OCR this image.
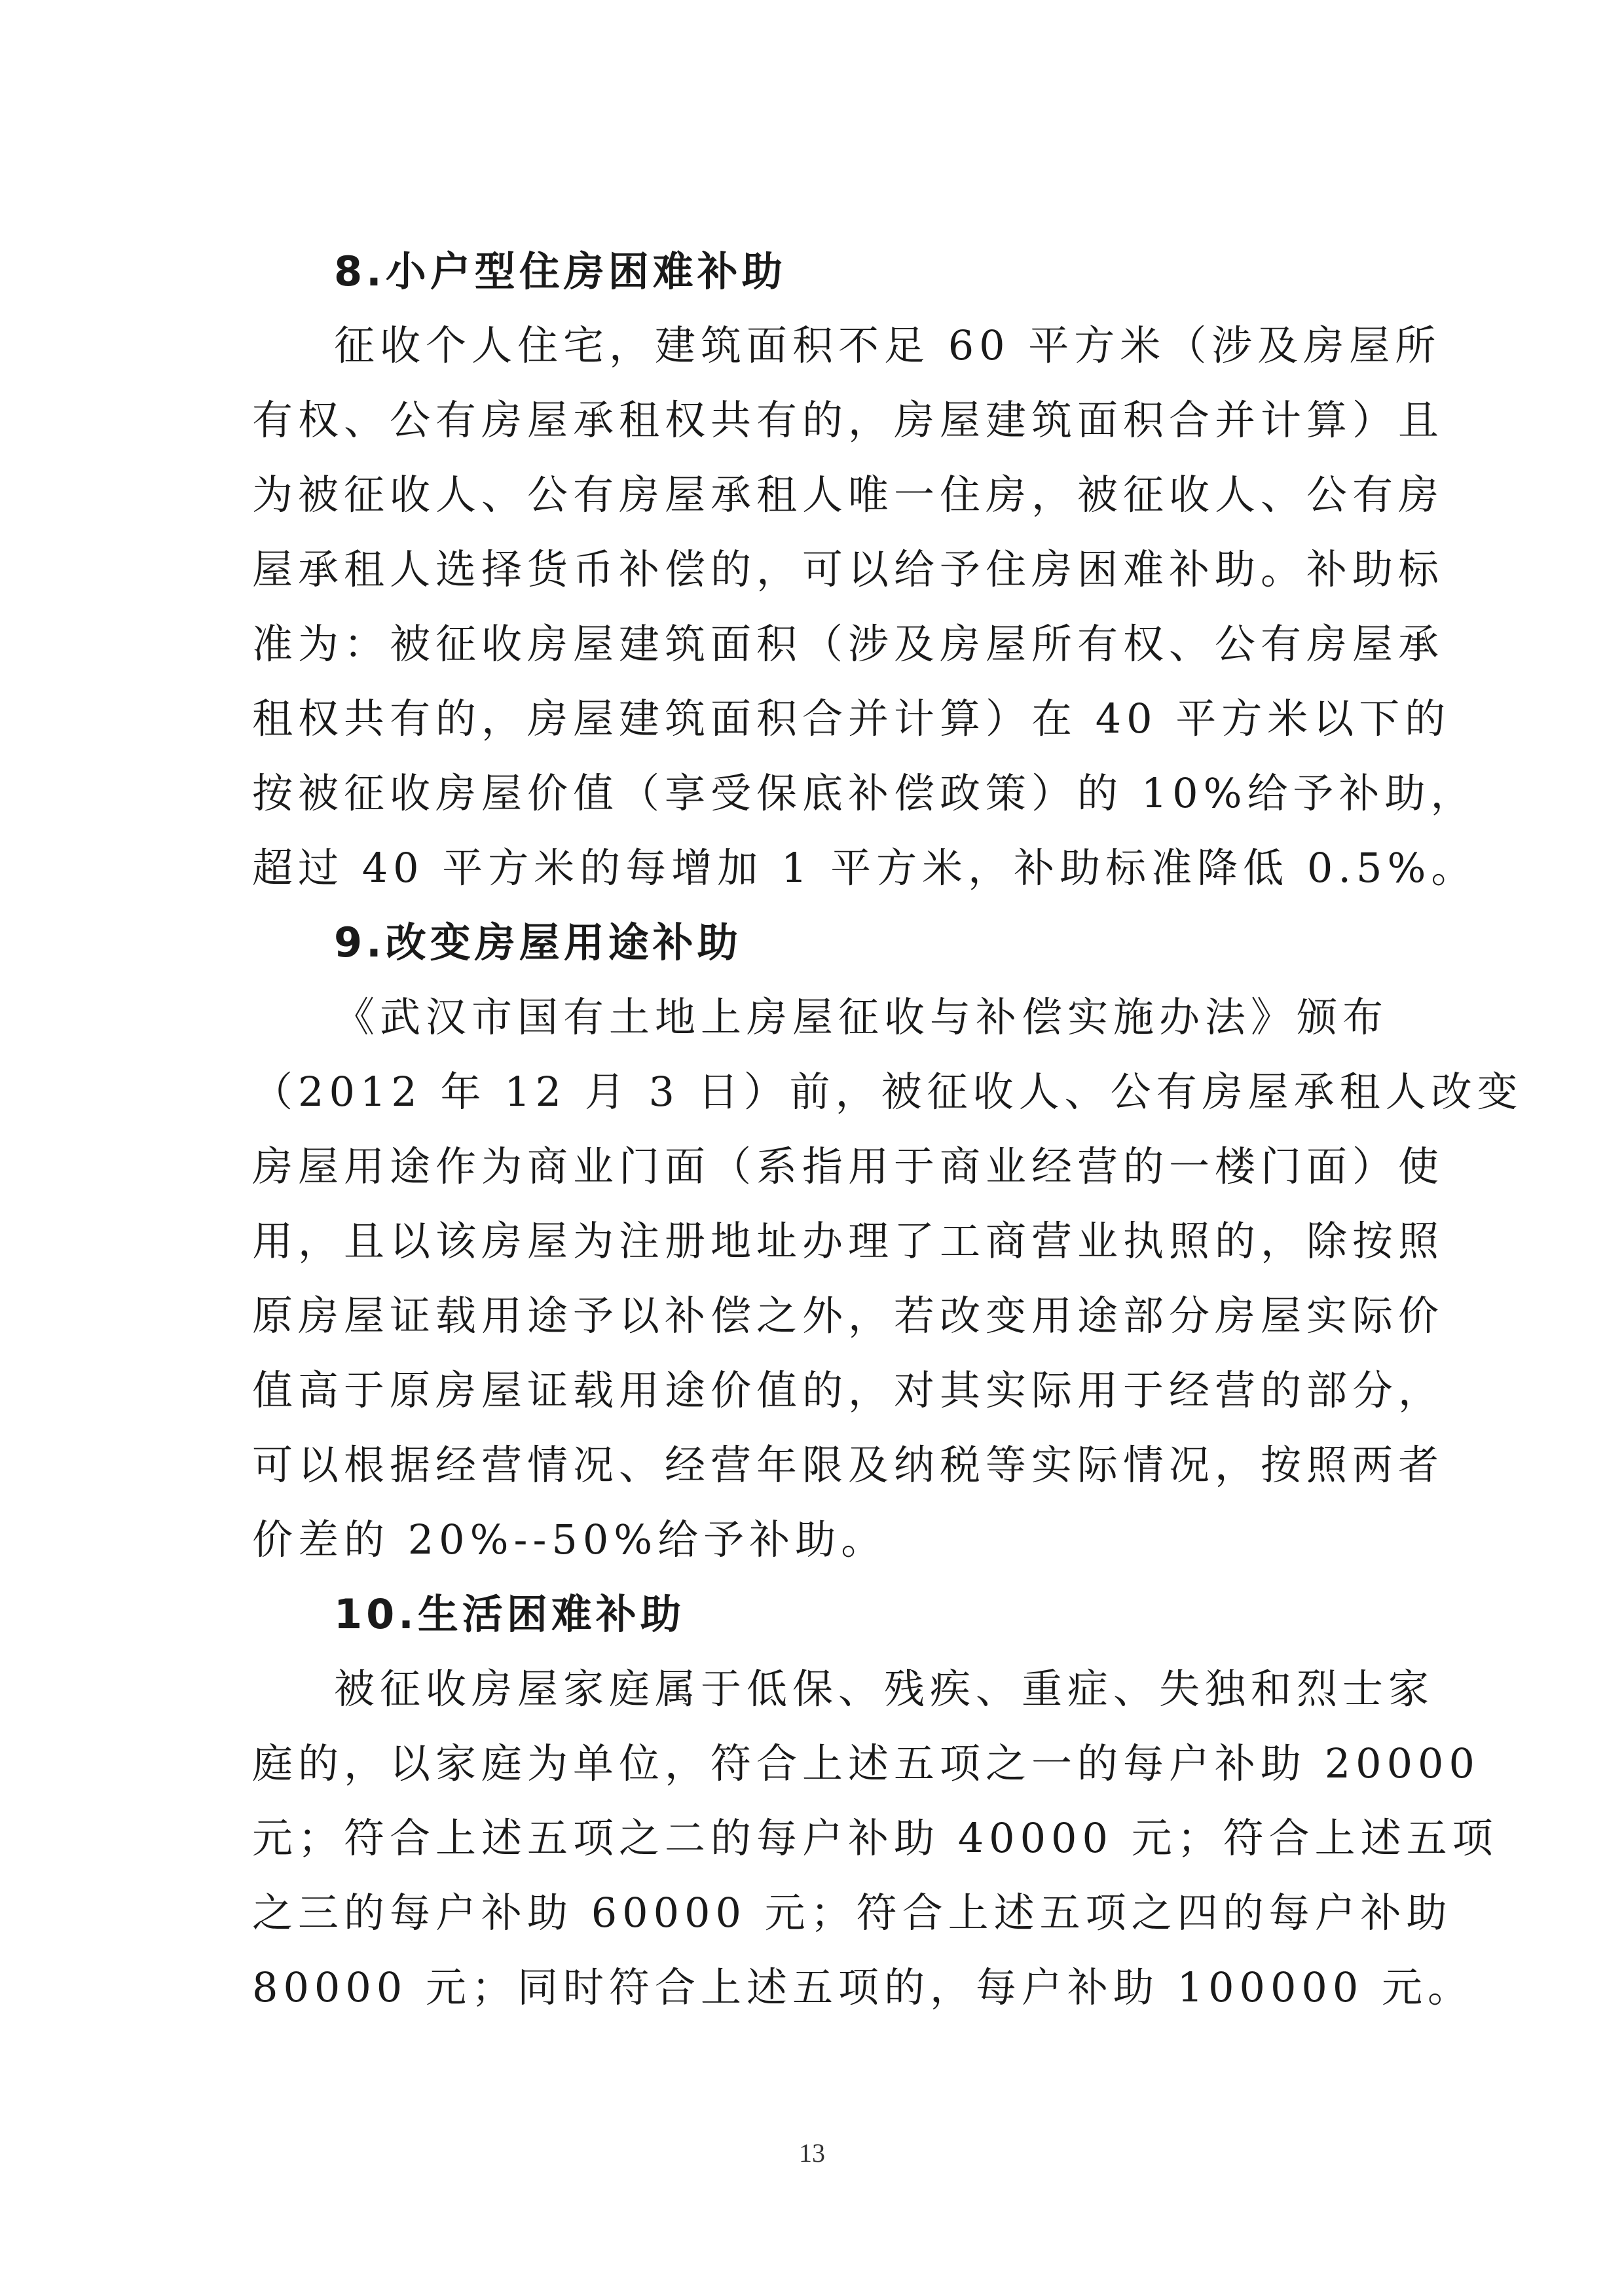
8.小户型住房困难补助
征收个人住宅，建筑面积不足 60 平方米（涉及房屋所
有权、公有房屋承租权共有的，房屋建筑面积合并计算）且
为被征收人、公有房屋承租人唯一住房，被征收人、公有房
屋承租人选择货币补偿的，可以给予住房困难补助。补助标
准为：被征收房屋建筑面积（涉及房屋所有权、公有房屋承
租权共有的，房屋建筑面积合并计算）在 40 平方米以下的
按被征收房屋价值（享受保底补偿政策）的 10%给予补助，
超过 40 平方米的每增加 1 平方米，补助标准降低 0.5%。
9.改变房屋用途补助
《武汉市国有土地上房屋征收与补偿实施办法》颁布
（2012 年 12 月 3 日）前，被征收人、公有房屋承租人改变
房屋用途作为商业门面（系指用于商业经营的一楼门面）使
用，且以该房屋为注册地址办理了工商营业执照的，除按照
原房屋证载用途予以补偿之外，若改变用途部分房屋实际价
值高于原房屋证载用途价值的，对其实际用于经营的部分，
可以根据经营情况、经营年限及纳税等实际情况，按照两者
价差的 20%--50%给予补助。
10.生活困难补助
被征收房屋家庭属于低保、残疾、重症、失独和烈士家
庭的，以家庭为单位，符合上述五项之一的每户补助 20000
元；符合上述五项之二的每户补助 40000 元；符合上述五项
之三的每户补助 60000 元；符合上述五项之四的每户补助
80000 元；同时符合上述五项的，每户补助 100000 元。
13
